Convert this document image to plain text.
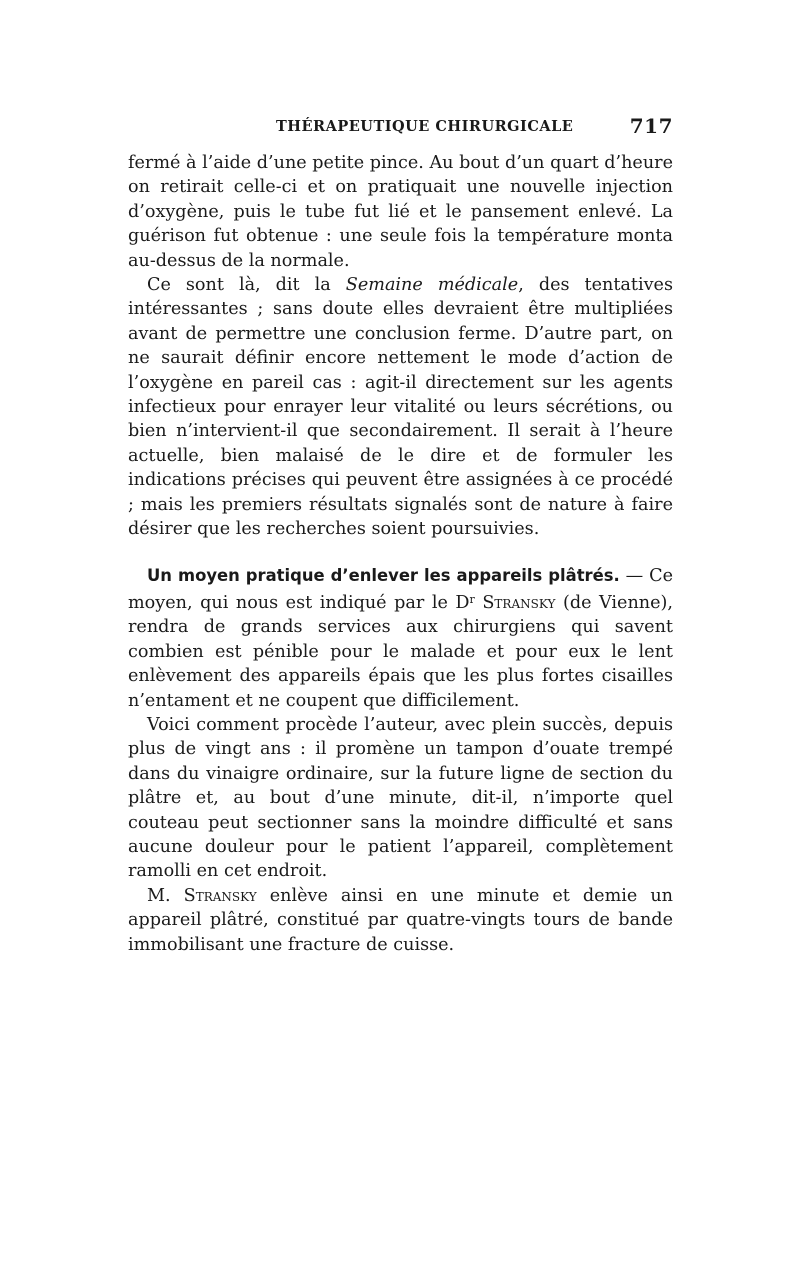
THÉRAPEUTIQUE CHIRURGICALE	717

fermé à l’aide d’une petite pince. Au bout d’un quart d’heure on retirait celle-ci et on pratiquait une nouvelle injection d’oxygène, puis le tube fut lié et le pansement enlevé. La guérison fut obtenue : une seule fois la température monta au-dessus de la normale.

Ce sont là, dit la Semaine médicale, des tentatives intéressantes ; sans doute elles devraient être multipliées avant de permettre une conclusion ferme. D’autre part, on ne saurait définir encore nettement le mode d’action de l’oxygène en pareil cas : agit-il directement sur les agents infectieux pour enrayer leur vitalité ou leurs sécrétions, ou bien n’intervient-il que secondairement. Il serait à l’heure actuelle, bien malaisé de le dire et de formuler les indications précises qui peuvent être assignées à ce procédé ; mais les premiers résultats signalés sont de nature à faire désirer que les recherches soient poursuivies.

Un moyen pratique d’enlever les appareils plâtrés. — Ce moyen, qui nous est indiqué par le $D^r$ Stransky (de Vienne), rendra de grands services aux chirurgiens qui savent combien est pénible pour le malade et pour eux le lent enlèvement des appareils épais que les plus fortes cisailles n’entament et ne coupent que difficilement.

Voici comment procède l’auteur, avec plein succès, depuis plus de vingt ans : il promène un tampon d’ouate trempé dans du vinaigre ordinaire, sur la future ligne de section du plâtre et, au bout d’une minute, dit-il, n’importe quel couteau peut sectionner sans la moindre difficulté et sans aucune douleur pour le patient l’appareil, complètement ramolli en cet endroit.

M. Stransky enlève ainsi en une minute et demie un appareil plâtré, constitué par quatre-vingts tours de bande immobilisant une fracture de cuisse.
